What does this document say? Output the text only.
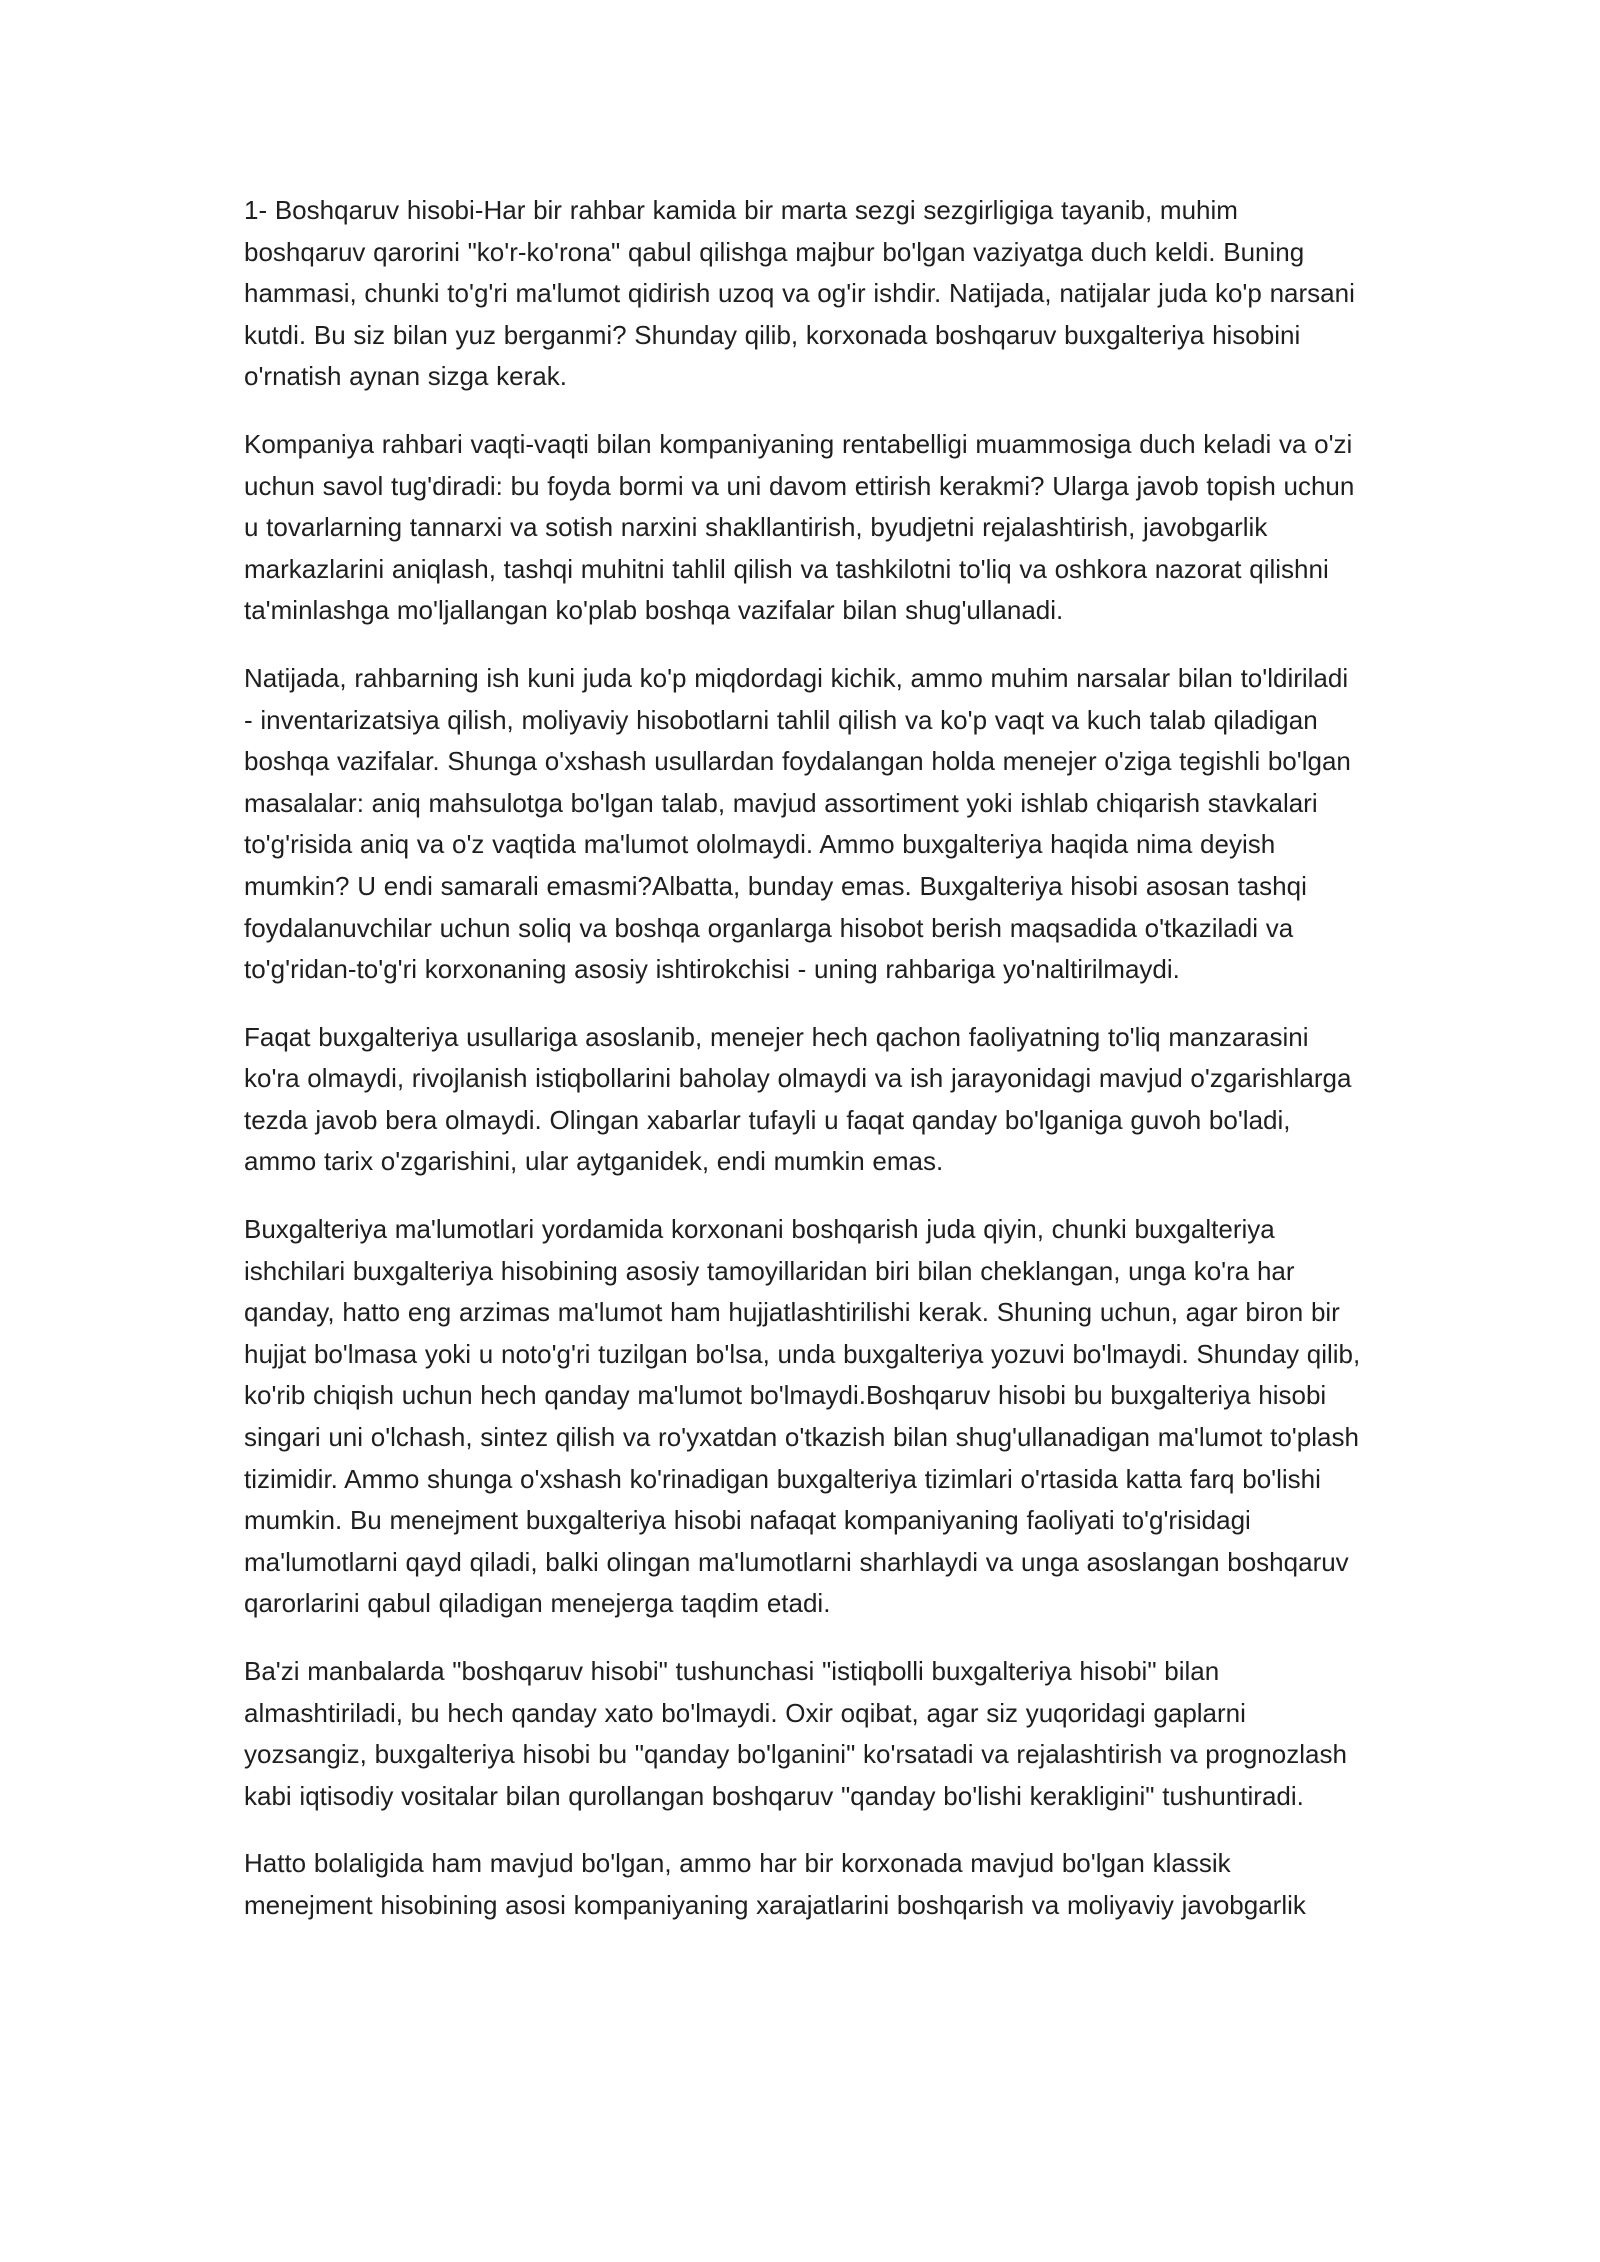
1- Boshqaruv hisobi-Har bir rahbar kamida bir marta sezgi sezgirligiga tayanib, muhim boshqaruv qarorini "ko'r-ko'rona" qabul qilishga majbur bo'lgan vaziyatga duch keldi. Buning hammasi, chunki to'g'ri ma'lumot qidirish uzoq va og'ir ishdir. Natijada, natijalar juda ko'p narsani kutdi. Bu siz bilan yuz berganmi? Shunday qilib, korxonada boshqaruv buxgalteriya hisobini o'rnatish aynan sizga kerak.

Kompaniya rahbari vaqti-vaqti bilan kompaniyaning rentabelligi muammosiga duch keladi va o'zi uchun savol tug'diradi: bu foyda bormi va uni davom ettirish kerakmi? Ularga javob topish uchun u tovarlarning tannarxi va sotish narxini shakllantirish, byudjetni rejalashtirish, javobgarlik markazlarini aniqlash, tashqi muhitni tahlil qilish va tashkilotni to'liq va oshkora nazorat qilishni ta'minlashga mo'ljallangan ko'plab boshqa vazifalar bilan shug'ullanadi.

Natijada, rahbarning ish kuni juda ko'p miqdordagi kichik, ammo muhim narsalar bilan to'ldiriladi - inventarizatsiya qilish, moliyaviy hisobotlarni tahlil qilish va ko'p vaqt va kuch talab qiladigan boshqa vazifalar. Shunga o'xshash usullardan foydalangan holda menejer o'ziga tegishli bo'lgan masalalar: aniq mahsulotga bo'lgan talab, mavjud assortiment yoki ishlab chiqarish stavkalari to'g'risida aniq va o'z vaqtida ma'lumot ololmaydi. Ammo buxgalteriya haqida nima deyish mumkin? U endi samarali emasmi?Albatta, bunday emas. Buxgalteriya hisobi asosan tashqi foydalanuvchilar uchun soliq va boshqa organlarga hisobot berish maqsadida o'tkaziladi va to'g'ridan-to'g'ri korxonaning asosiy ishtirokchisi - uning rahbariga yo'naltirilmaydi.

Faqat buxgalteriya usullariga asoslanib, menejer hech qachon faoliyatning to'liq manzarasini ko'ra olmaydi, rivojlanish istiqbollarini baholay olmaydi va ish jarayonidagi mavjud o'zgarishlarga tezda javob bera olmaydi. Olingan xabarlar tufayli u faqat qanday bo'lganiga guvoh bo'ladi, ammo tarix o'zgarishini, ular aytganidek, endi mumkin emas.

Buxgalteriya ma'lumotlari yordamida korxonani boshqarish juda qiyin, chunki buxgalteriya ishchilari buxgalteriya hisobining asosiy tamoyillaridan biri bilan cheklangan, unga ko'ra har qanday, hatto eng arzimas ma'lumot ham hujjatlashtirilishi kerak. Shuning uchun, agar biron bir hujjat bo'lmasa yoki u noto'g'ri tuzilgan bo'lsa, unda buxgalteriya yozuvi bo'lmaydi. Shunday qilib, ko'rib chiqish uchun hech qanday ma'lumot bo'lmaydi.Boshqaruv hisobi bu buxgalteriya hisobi singari uni o'lchash, sintez qilish va ro'yxatdan o'tkazish bilan shug'ullanadigan ma'lumot to'plash tizimidir. Ammo shunga o'xshash ko'rinadigan buxgalteriya tizimlari o'rtasida katta farq bo'lishi mumkin. Bu menejment buxgalteriya hisobi nafaqat kompaniyaning faoliyati to'g'risidagi ma'lumotlarni qayd qiladi, balki olingan ma'lumotlarni sharhlaydi va unga asoslangan boshqaruv qarorlarini qabul qiladigan menejerga taqdim etadi.

Ba'zi manbalarda "boshqaruv hisobi" tushunchasi "istiqbolli buxgalteriya hisobi" bilan almashtiriladi, bu hech qanday xato bo'lmaydi. Oxir oqibat, agar siz yuqoridagi gaplarni yozsangiz, buxgalteriya hisobi bu "qanday bo'lganini" ko'rsatadi va rejalashtirish va prognozlash kabi iqtisodiy vositalar bilan qurollangan boshqaruv "qanday bo'lishi kerakligini" tushuntiradi.

Hatto bolaligida ham mavjud bo'lgan, ammo har bir korxonada mavjud bo'lgan klassik menejment hisobining asosi kompaniyaning xarajatlarini boshqarish va moliyaviy javobgarlik
